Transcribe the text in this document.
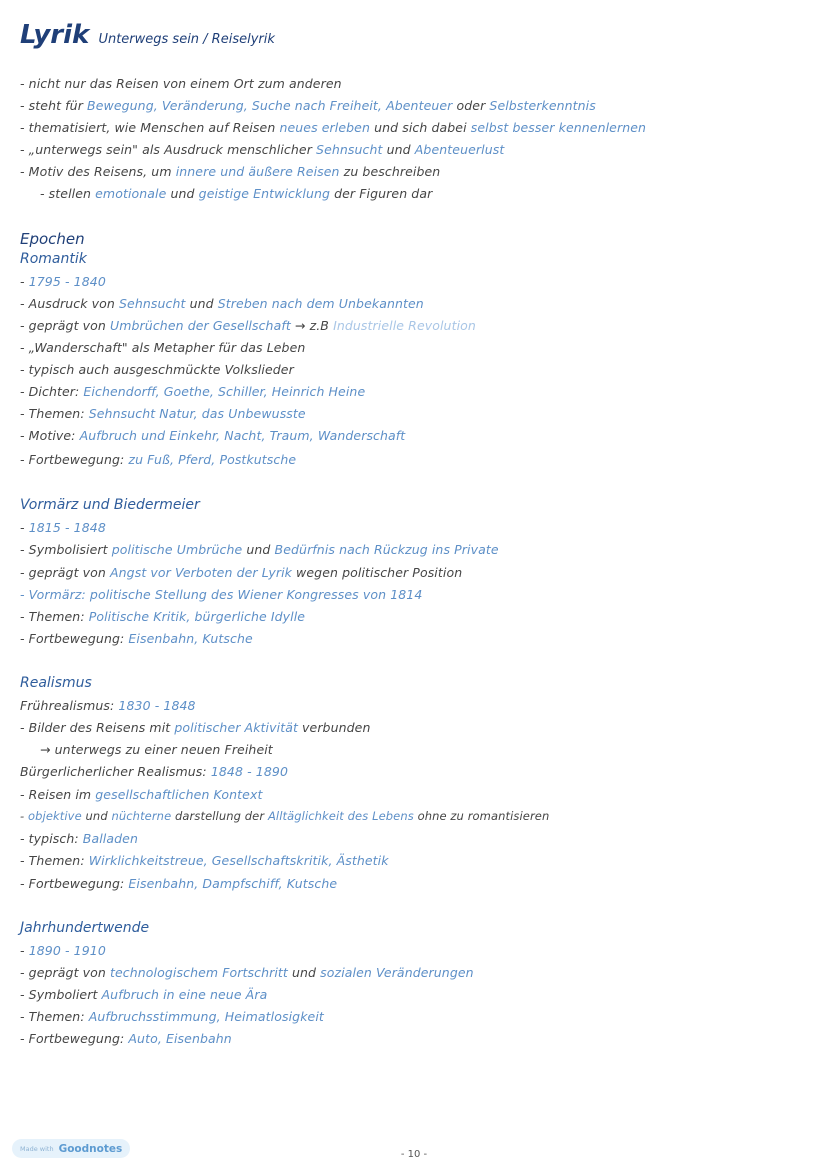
Lyrik Unterwegs sein / Reiselyrik
- nicht nur das Reisen von einem Ort zum anderen
- steht für Bewegung, Veränderung, Suche nach Freiheit, Abenteuer oder Selbsterkenntnis
- thematisiert, wie Menschen auf Reisen neues erleben und sich dabei selbst besser kennenlernen
- „unterwegs sein" als Ausdruck menschlicher Sehnsucht und Abenteuerlust
- Motiv des Reisens, um innere und äußere Reisen zu beschreiben
- stellen emotionale und geistige Entwicklung der Figuren dar
Epochen
Romantik
- 1795 - 1840
- Ausdruck von Sehnsucht und Streben nach dem Unbekannten
- geprägt von Umbrüchen der Gesellschaft → z.B Industrielle Revolution
- „Wanderschaft" als Metapher für das Leben
- typisch auch ausgeschmückte Volkslieder
- Dichter: Eichendorff, Goethe, Schiller, Heinrich Heine
- Themen: Sehnsucht Natur, das Unbewusste
- Motive: Aufbruch und Einkehr, Nacht, Traum, Wanderschaft
- Fortbewegung: zu Fuß, Pferd, Postkutsche
Vormärz und Biedermeier
- 1815 - 1848
- Symbolisiert politische Umbrüche und Bedürfnis nach Rückzug ins Private
- geprägt von Angst vor Verboten der Lyrik wegen politischer Position
- Vormärz: politische Stellung des Wiener Kongresses von 1814
- Themen: Politische Kritik, bürgerliche Idylle
- Fortbewegung: Eisenbahn, Kutsche
Realismus
Frührealismus: 1830 - 1848
- Bilder des Reisens mit politischer Aktivität verbunden
→ unterwegs zu einer neuen Freiheit
Bürgerlicherlicher Realismus: 1848 - 1890
- Reisen im gesellschaftlichen Kontext
- objektive und nüchterne darstellung der Alltäglichkeit des Lebens ohne zu romantisieren
- typisch: Balladen
- Themen: Wirklichkeitstreue, Gesellschaftskritik, Ästhetik
- Fortbewegung: Eisenbahn, Dampfschiff, Kutsche
Jahrhundertwende
- 1890 - 1910
- geprägt von technologischem Fortschritt und sozialen Veränderungen
- Symboliert Aufbruch in eine neue Ära
- Themen: Aufbruchsstimmung, Heimatlosigkeit
- Fortbewegung: Auto, Eisenbahn
Made with Goodnotes	- 10 -
